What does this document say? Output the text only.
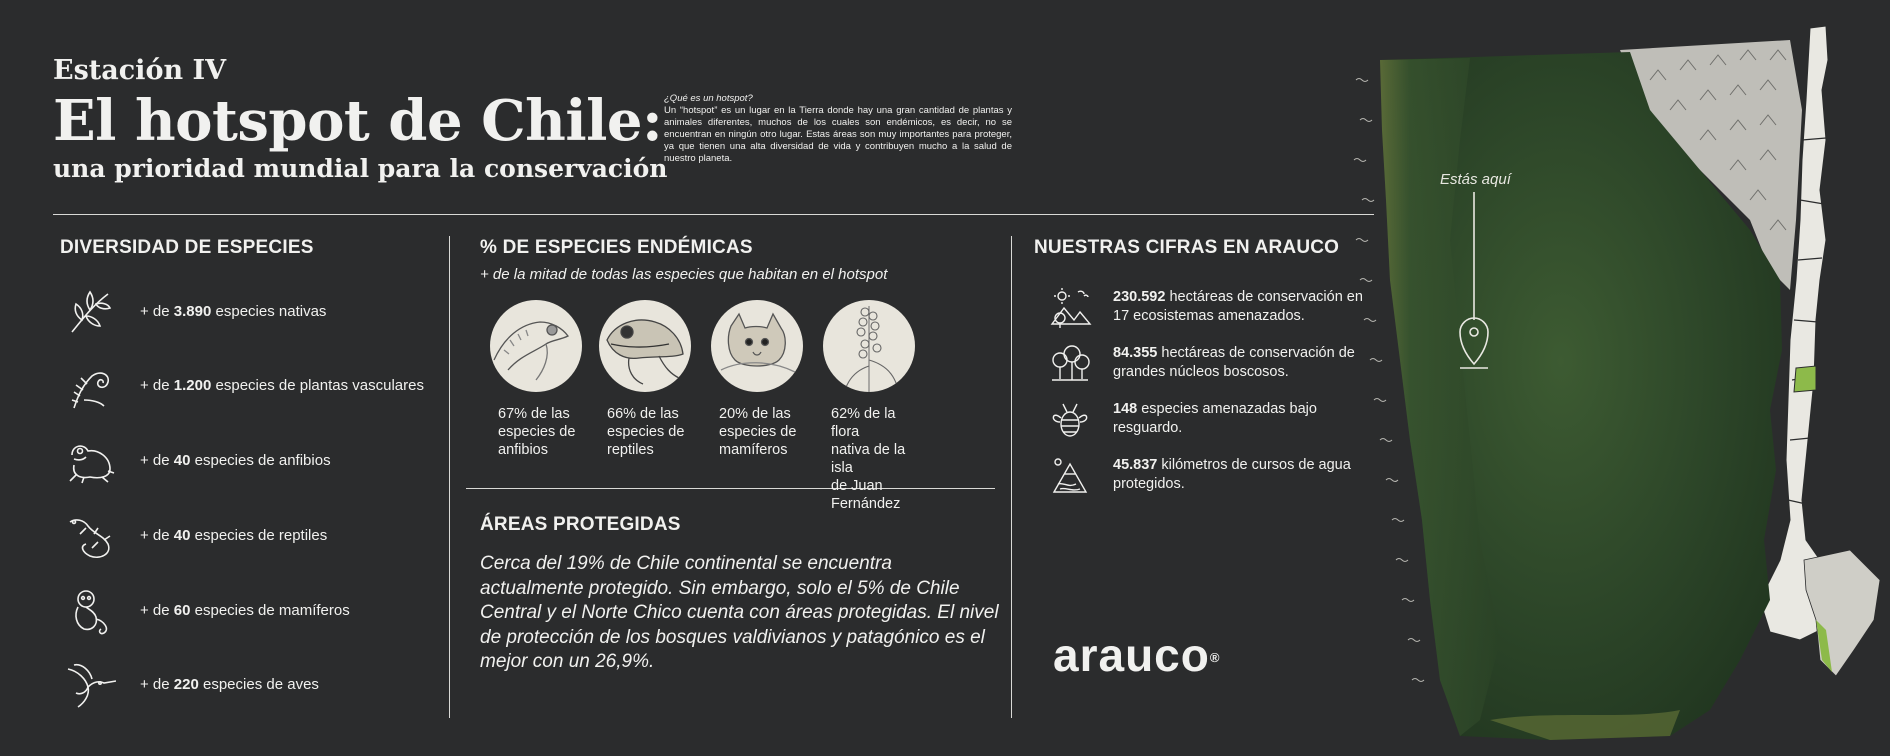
Estación IV
El hotspot de Chile:
una prioridad mundial para la conservación
¿Qué es un hotspot?
Un “hotspot” es un lugar en la Tierra donde hay una gran cantidad de plantas y animales diferentes, muchos de los cuales son endémicos, es decir, no se encuentran en ningún otro lugar. Estas áreas son muy importantes para proteger, ya que tienen una alta diversidad de vida y contribuyen mucho a la salud de nuestro planeta.
DIVERSIDAD DE ESPECIES
+ de 3.890 especies nativas
+ de 1.200 especies de plantas vasculares
+ de 40 especies de anfibios
+ de 40 especies de reptiles
+ de 60 especies de mamíferos
+ de 220 especies de aves
% DE ESPECIES ENDÉMICAS
+ de la mitad de todas las especies que habitan en el hotspot
67% de las
especies de
anfibios
66% de las
especies de
reptiles
20% de las
especies de
mamíferos
62% de la flora
nativa de la isla
de Juan Fernández
ÁREAS PROTEGIDAS
Cerca del 19% de Chile continental se encuentra actualmente protegido. Sin embargo, solo el 5% de Chile Central y el Norte Chico cuenta con áreas protegidas. El nivel de protección de los bosques valdivianos y patagónico es el mejor con un 26,9%.
NUESTRAS CIFRAS EN ARAUCO
230.592 hectáreas de conservación en 17 ecosistemas amenazados.
84.355 hectáreas de conservación de grandes núcleos boscosos.
148 especies amenazadas bajo resguardo.
45.837 kilómetros de cursos de agua protegidos.
arauco®
Estás aquí
